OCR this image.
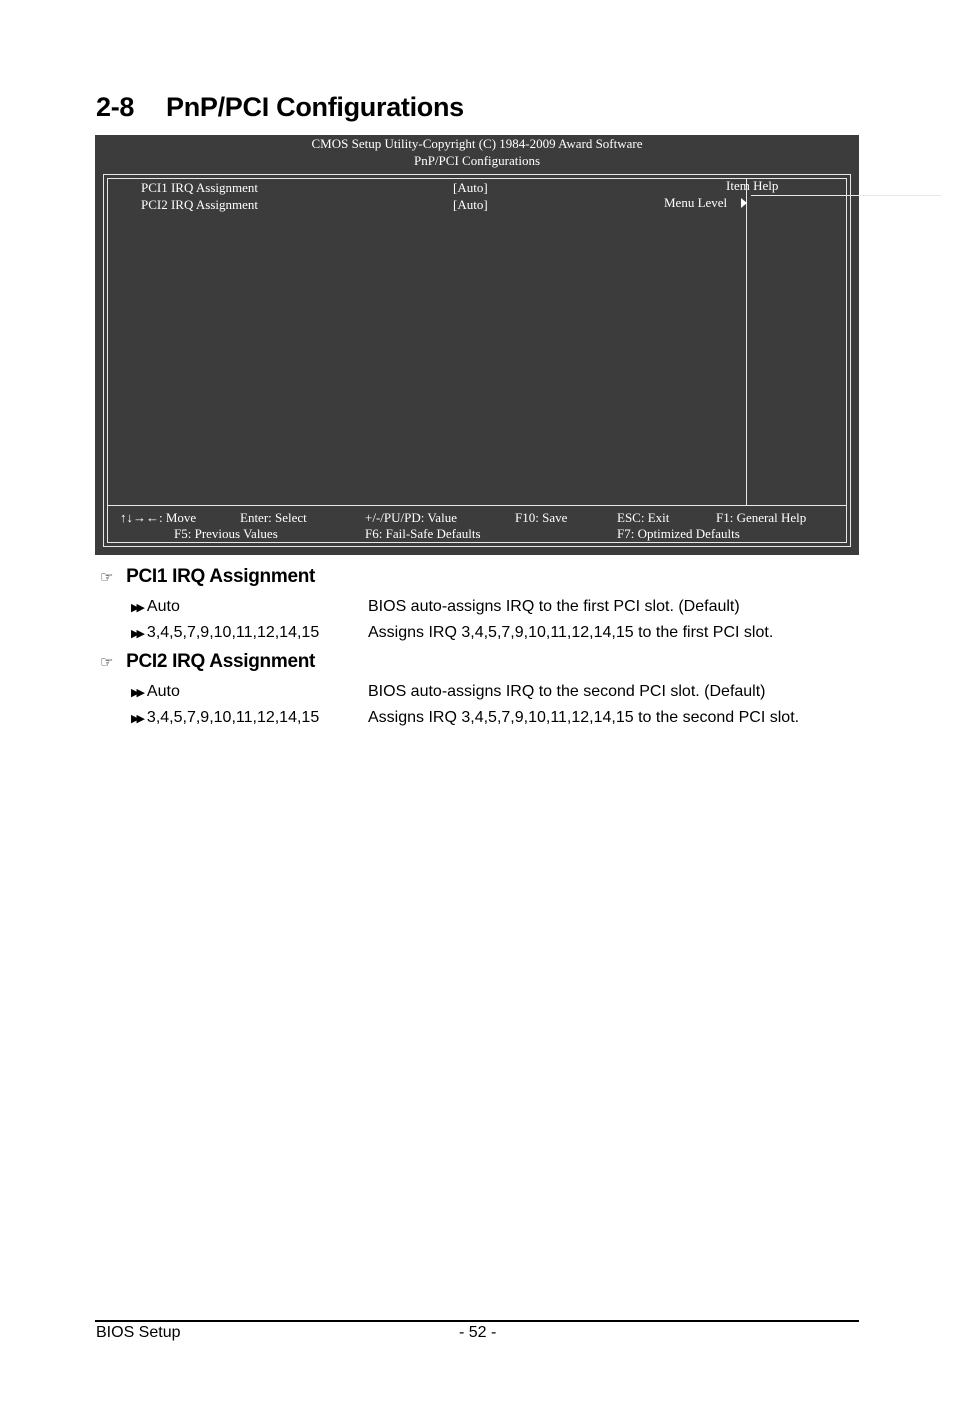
2-8 PnP/PCI Configurations
CMOS Setup Utility-Copyright (C) 1984-2009 Award Software
PnP/PCI Configurations
PCI1 IRQ Assignment	[Auto]
PCI2 IRQ Assignment	[Auto]
Item Help
Menu Level
↑↓→←: Move	Enter: Select	+/-/PU/PD: Value	F10: Save	ESC: Exit	F1: General Help
F5: Previous Values	F6: Fail-Safe Defaults	F7: Optimized Defaults
☞ PCI1 IRQ Assignment
▶▶ Auto	BIOS auto-assigns IRQ to the first PCI slot. (Default)
▶▶ 3,4,5,7,9,10,11,12,14,15	Assigns IRQ 3,4,5,7,9,10,11,12,14,15 to the first PCI slot.
☞ PCI2 IRQ Assignment
▶▶ Auto	BIOS auto-assigns IRQ to the second PCI slot. (Default)
▶▶ 3,4,5,7,9,10,11,12,14,15	Assigns IRQ 3,4,5,7,9,10,11,12,14,15 to the second PCI slot.
BIOS Setup	- 52 -
